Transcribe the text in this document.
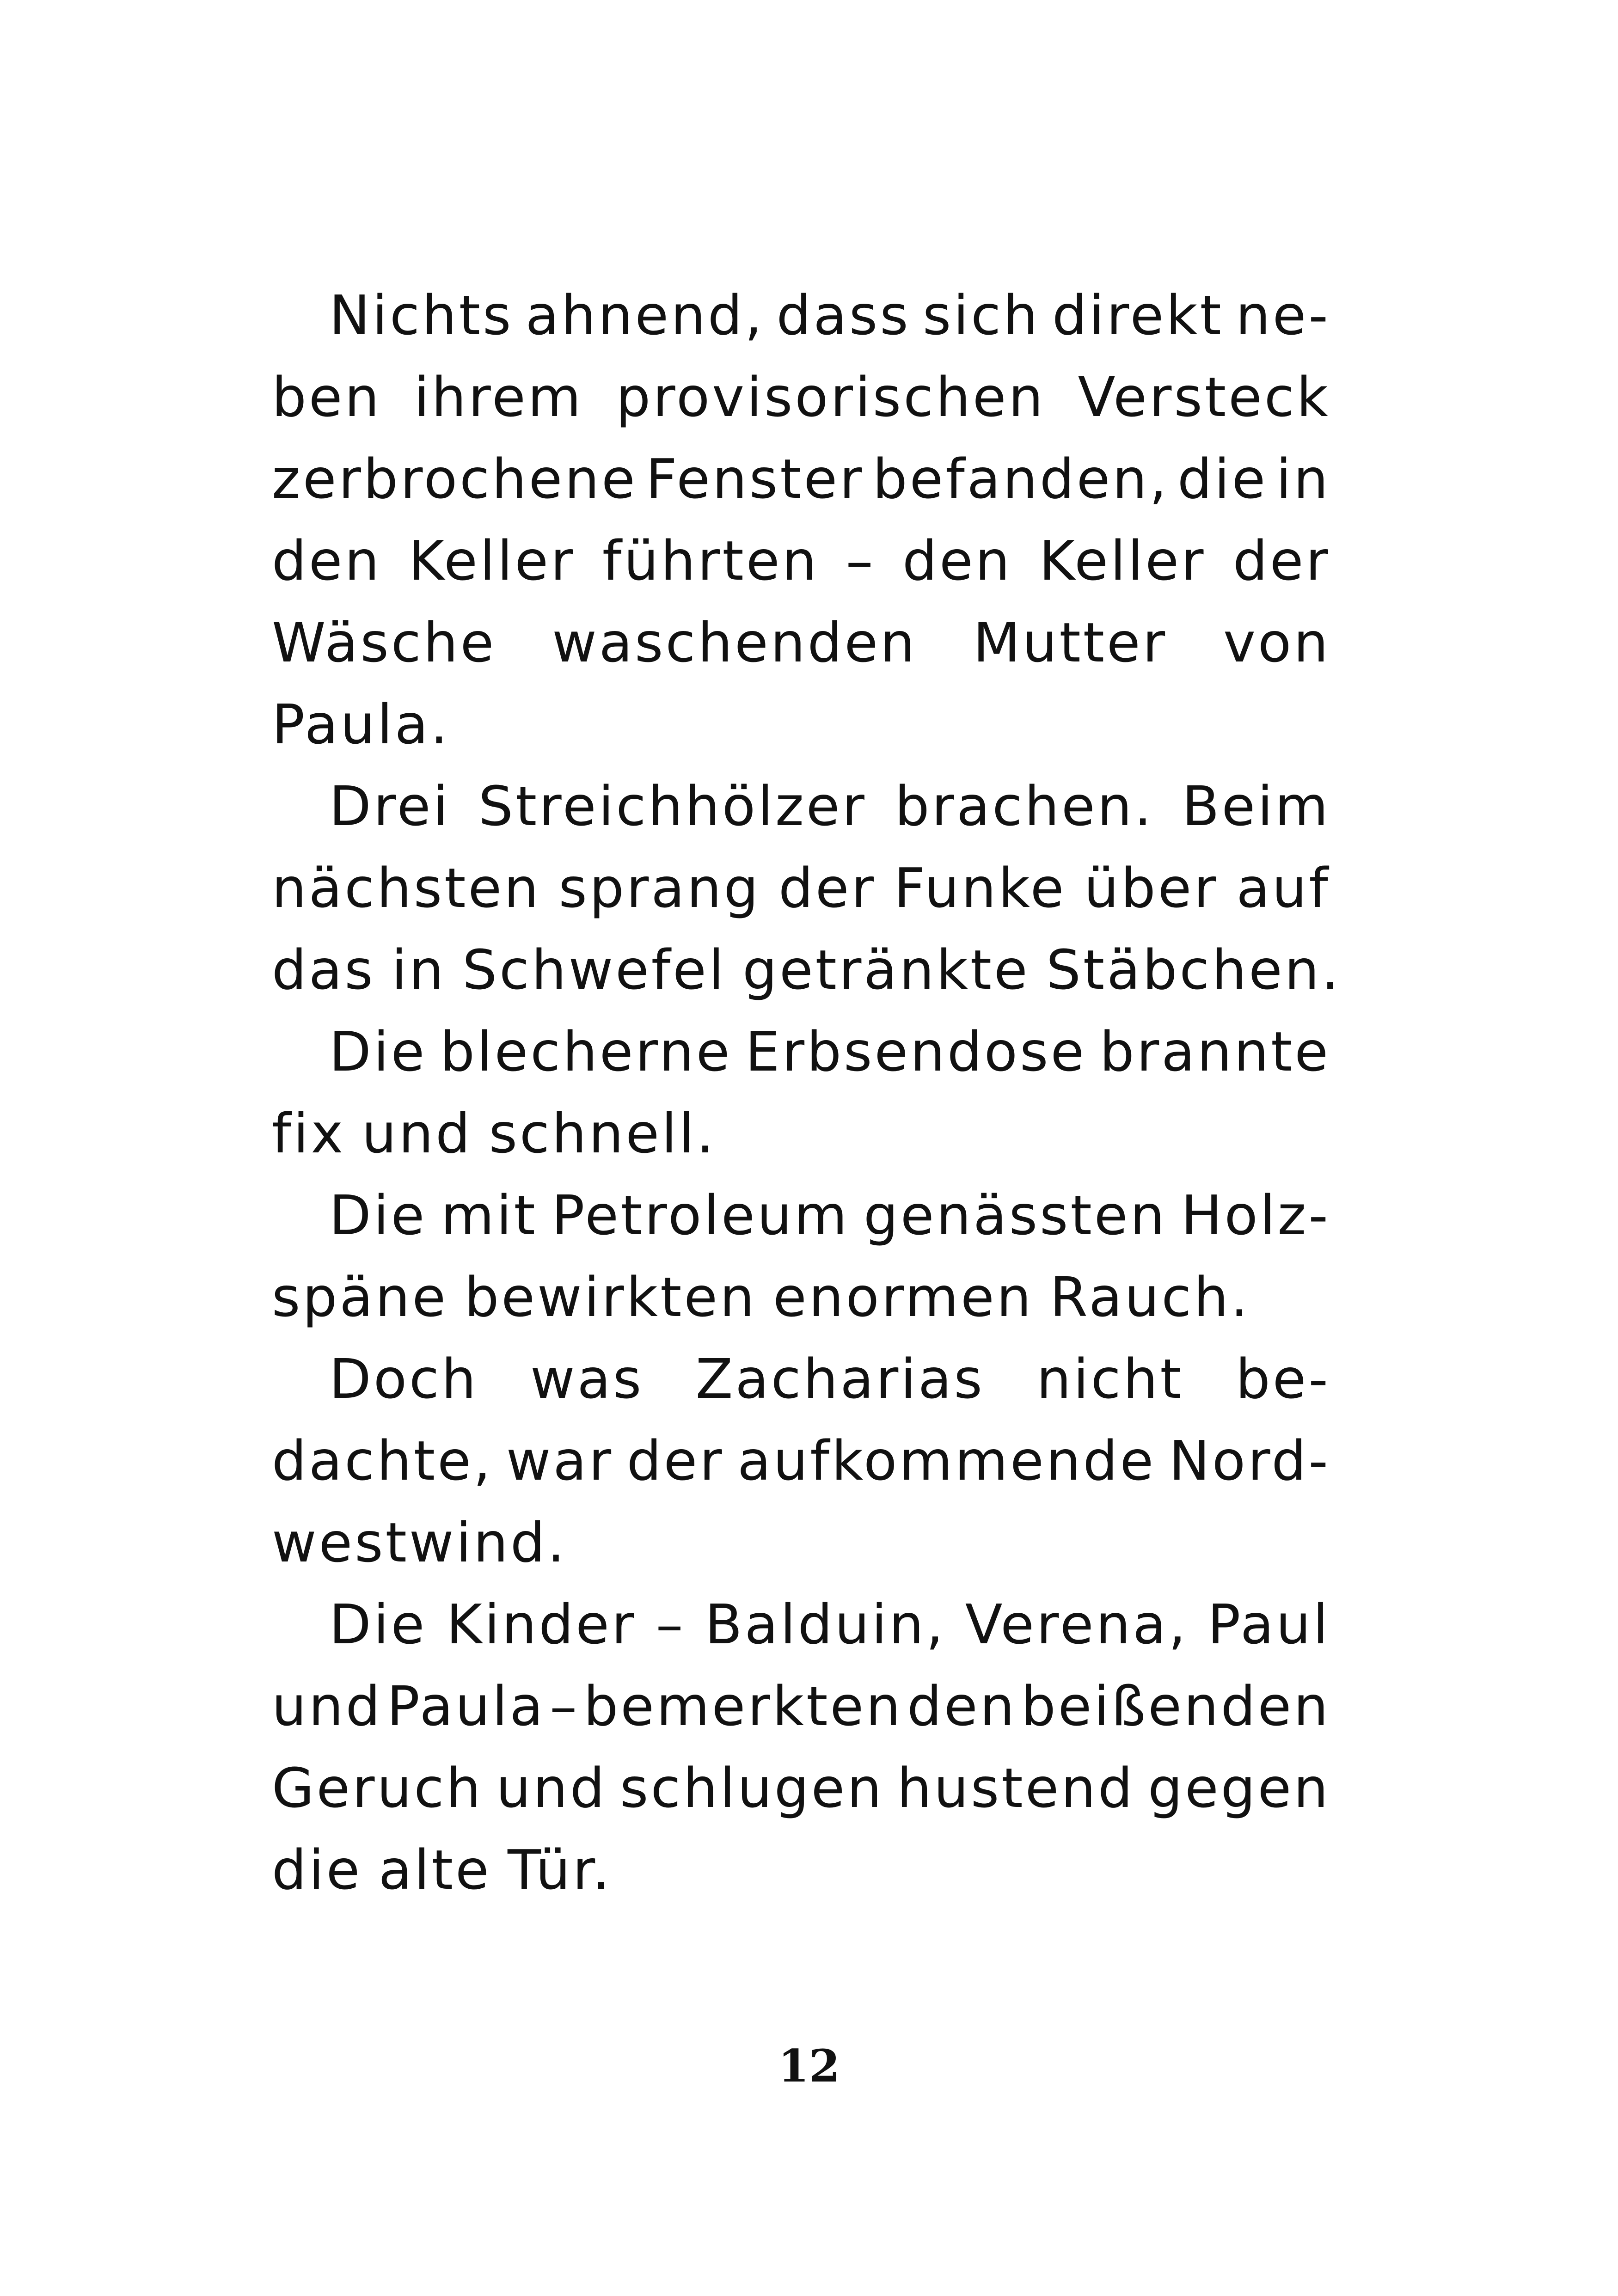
Nichts ahnend, dass sich direkt ne-
ben ihrem provisorischen Versteck
zerbrochene Fenster befanden, die in
den Keller führten – den Keller der
Wäsche waschenden Mutter von
Paula.
Drei Streichhölzer brachen. Beim
nächsten sprang der Funke über auf
das in Schwefel getränkte Stäbchen.
Die blecherne Erbsendose brannte
fix und schnell.
Die mit Petroleum genässten Holz-
späne bewirkten enormen Rauch.
Doch was Zacharias nicht be-
dachte, war der aufkommende Nord-
westwind.
Die Kinder – Balduin, Verena, Paul
und Paula – bemerkten den beißenden
Geruch und schlugen hustend gegen
die alte Tür.
12
